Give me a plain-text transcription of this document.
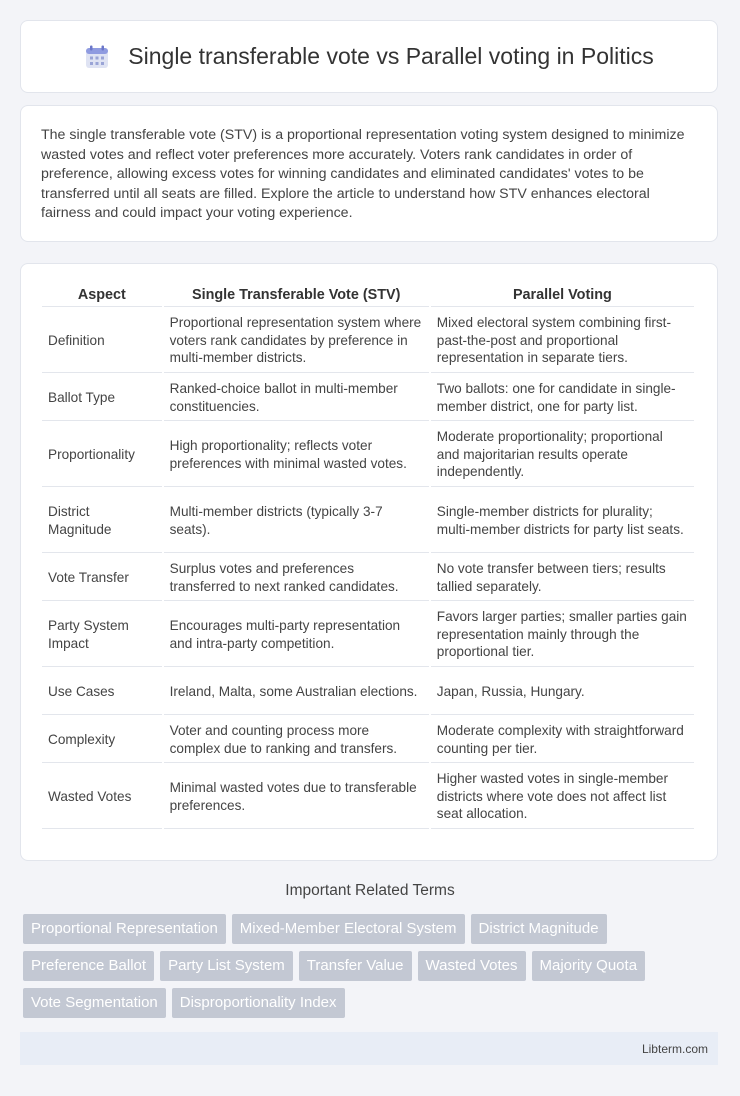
Single transferable vote vs Parallel voting in Politics

The single transferable vote (STV) is a proportional representation voting system designed to minimize wasted votes and reflect voter preferences more accurately. Voters rank candidates in order of preference, allowing excess votes for winning candidates and eliminated candidates' votes to be transferred until all seats are filled. Explore the article to understand how STV enhances electoral fairness and could impact your voting experience.

Aspect	Single Transferable Vote (STV)	Parallel Voting
Definition	Proportional representation system where voters rank candidates by preference in multi-member districts.	Mixed electoral system combining first-past-the-post and proportional representation in separate tiers.
Ballot Type	Ranked-choice ballot in multi-member constituencies.	Two ballots: one for candidate in single-member district, one for party list.
Proportionality	High proportionality; reflects voter preferences with minimal wasted votes.	Moderate proportionality; proportional and majoritarian results operate independently.
District Magnitude	Multi-member districts (typically 3-7 seats).	Single-member districts for plurality; multi-member districts for party list seats.
Vote Transfer	Surplus votes and preferences transferred to next ranked candidates.	No vote transfer between tiers; results tallied separately.
Party System Impact	Encourages multi-party representation and intra-party competition.	Favors larger parties; smaller parties gain representation mainly through the proportional tier.
Use Cases	Ireland, Malta, some Australian elections.	Japan, Russia, Hungary.
Complexity	Voter and counting process more complex due to ranking and transfers.	Moderate complexity with straightforward counting per tier.
Wasted Votes	Minimal wasted votes due to transferable preferences.	Higher wasted votes in single-member districts where vote does not affect list seat allocation.
Important Related Terms
Proportional Representation	Mixed-Member Electoral System	District Magnitude
Preference Ballot	Party List System	Transfer Value	Wasted Votes	Majority Quota
Vote Segmentation	Disproportionality Index
Libterm.com
